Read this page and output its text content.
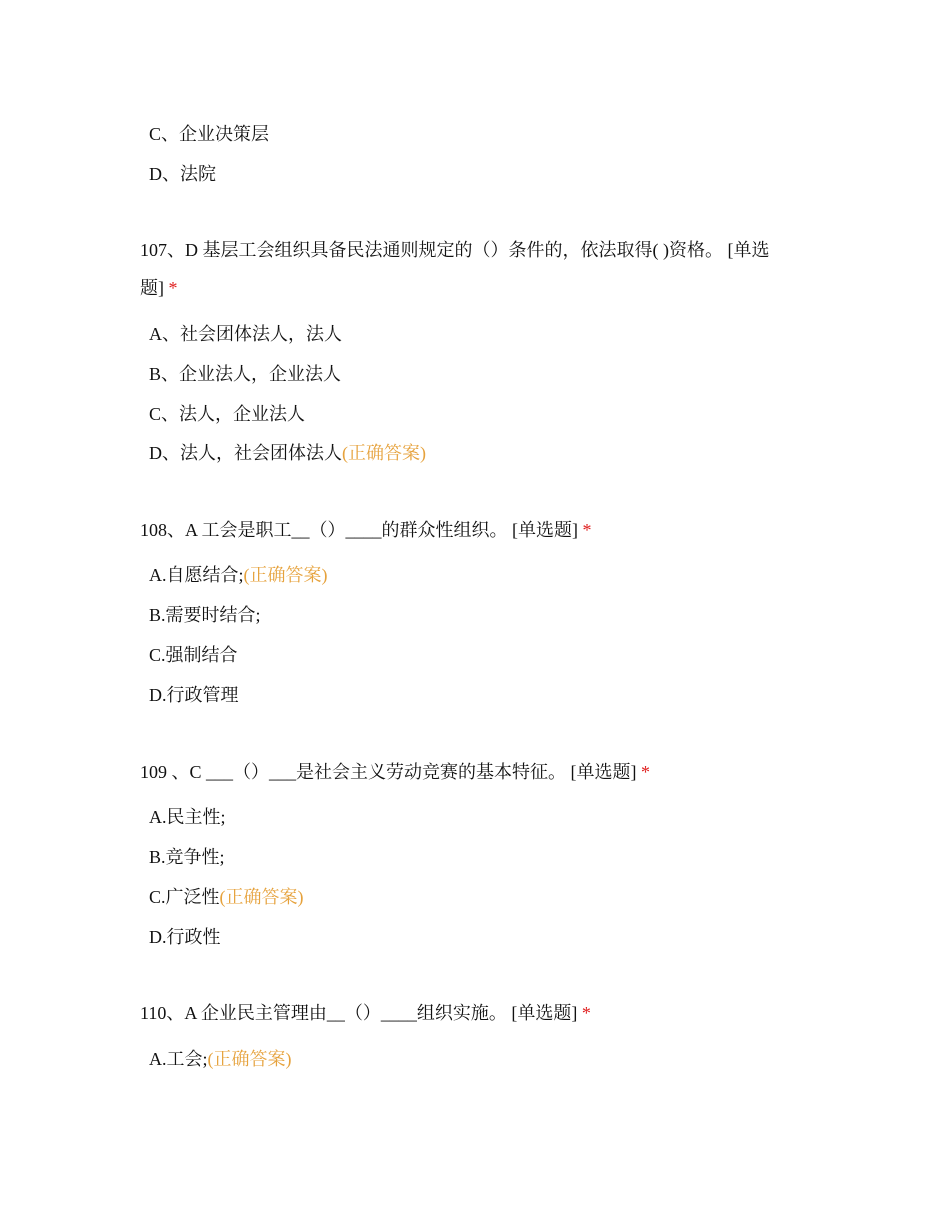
C、企业决策层
D、法院
107、D 基层工会组织具备民法通则规定的（）条件的，依法取得( )资格。 [单选
题] *
A、社会团体法人，法人
B、企业法人，企业法人
C、法人，企业法人
D、法人，社会团体法人(正确答案)
108、A 工会是职工__（）____的群众性组织。 [单选题] *
A.自愿结合;(正确答案)
B.需要时结合;
C.强制结合
D.行政管理
109 、C ___（）___是社会主义劳动竞赛的基本特征。 [单选题] *
A.民主性;
B.竞争性;
C.广泛性(正确答案)
D.行政性
110、A 企业民主管理由__（）____组织实施。 [单选题] *
A.工会;(正确答案)
